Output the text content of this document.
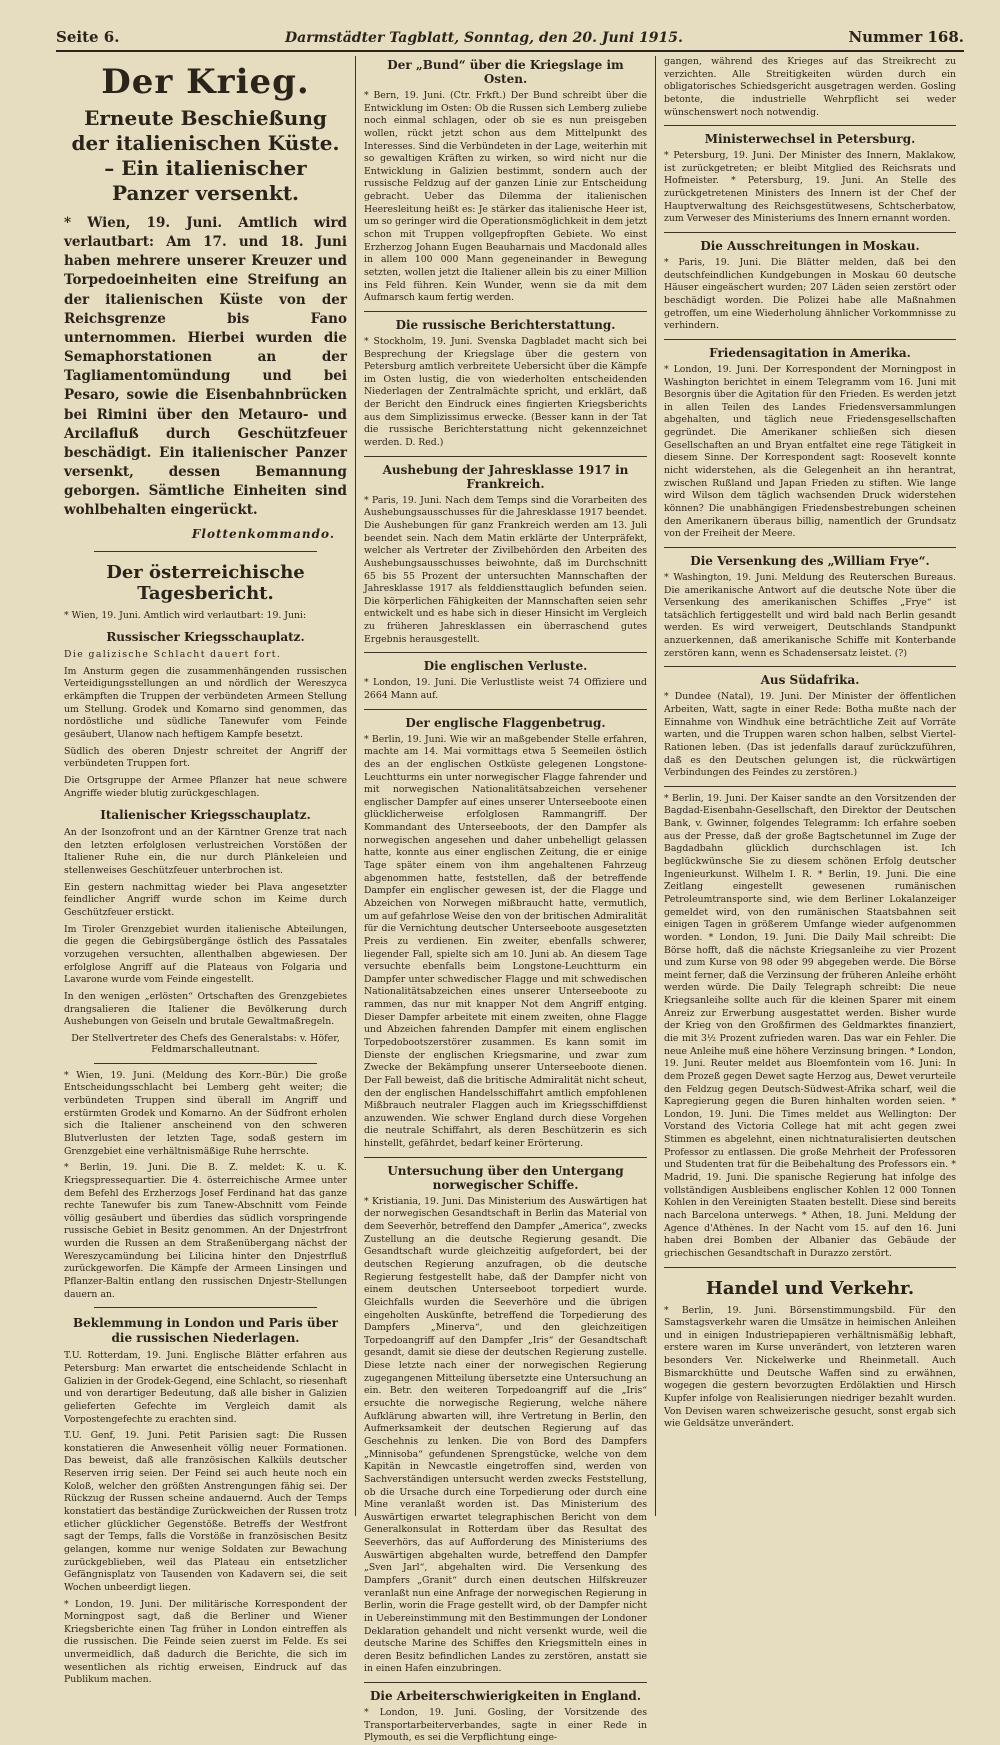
Seite 6.	Darmstädter Tagblatt, Sonntag, den 20. Juni 1915.	Nummer 168.
Der Krieg.
Erneute Beschießung der italienischen Küste. – Ein italienischer Panzer versenkt.

* Wien, 19. Juni. Amtlich wird verlautbart: Am 17. und 18. Juni haben mehrere unserer Kreuzer und Torpedoeinheiten eine Streifung an der italienischen Küste von der Reichsgrenze bis Fano unternommen. Hierbei wurden die Semaphorstationen an der Tagliamentomündung und bei Pesaro, sowie die Eisenbahnbrücken bei Rimini über den Metauro- und Arcilafluß durch Geschützfeuer beschädigt. Ein italienischer Panzer versenkt, dessen Bemannung geborgen. Sämtliche Einheiten sind wohlbehalten eingerückt.

Flottenkommando.
Der österreichische Tagesbericht.

* Wien, 19. Juni. Amtlich wird verlautbart: 19. Juni:

Russischer Kriegsschauplatz.

Die galizische Schlacht dauert fort.

Im Ansturm gegen die zusammenhängenden russischen Verteidigungsstellungen an und nördlich der Wereszyca erkämpften die Truppen der verbündeten Armeen Stellung um Stellung. Grodek und Komarno sind genommen, das nordöstliche und südliche Tanewufer vom Feinde gesäubert, Ulanow nach heftigem Kampfe besetzt.

Südlich des oberen Dnjestr schreitet der Angriff der verbündeten Truppen fort.

Die Ortsgruppe der Armee Pflanzer hat neue schwere Angriffe wieder blutig zurückgeschlagen.

Italienischer Kriegsschauplatz.

An der Isonzofront und an der Kärntner Grenze trat nach den letzten erfolglosen verlustreichen Vorstößen der Italiener Ruhe ein, die nur durch Plänkeleien und stellenweises Geschützfeuer unterbrochen ist.

Ein gestern nachmittag wieder bei Plava angesetzter feindlicher Angriff wurde schon im Keime durch Geschützfeuer erstickt.

Im Tiroler Grenzgebiet wurden italienische Abteilungen, die gegen die Gebirgsübergänge östlich des Passatales vorzugehen versuchten, allenthalben abgewiesen. Der erfolglose Angriff auf die Plateaus von Folgaria und Lavarone wurde vom Feinde eingestellt.

In den wenigen „erlösten“ Ortschaften des Grenzgebietes drangsalieren die Italiener die Bevölkerung durch Aushebungen von Geiseln und brutale Gewaltmaßregeln.

Der Stellvertreter des Chefs des Generalstabs: v. Höfer, Feldmarschalleutnant.

* Wien, 19. Juni. (Meldung des Korr.-Bür.) Die große Entscheidungsschlacht bei Lemberg geht weiter; die verbündeten Truppen sind überall im Angriff und erstürmten Grodek und Komarno. An der Südfront erholen sich die Italiener anscheinend von den schweren Blutverlusten der letzten Tage, sodaß gestern im Grenzgebiet eine verhältnismäßige Ruhe herrschte.

* Berlin, 19. Juni. Die B. Z. meldet: K. u. K. Kriegspressequartier. Die 4. österreichische Armee unter dem Befehl des Erzherzogs Josef Ferdinand hat das ganze rechte Tanewufer bis zum Tanew-Abschnitt vom Feinde völlig gesäubert und überdies das südlich vorspringende russische Gebiet in Besitz genommen. An der Dnjestrfront wurden die Russen an dem Straßenübergang nächst der Wereszycamündung bei Lilicina hinter den Dnjestrfluß zurückgeworfen. Die Kämpfe der Armeen Linsingen und Pflanzer-Baltin entlang den russischen Dnjestr-Stellungen dauern an.

Beklemmung in London und Paris über die russischen Niederlagen.

T.U. Rotterdam, 19. Juni. Englische Blätter erfahren aus Petersburg: Man erwartet die entscheidende Schlacht in Galizien in der Grodek-Gegend, eine Schlacht, so riesenhaft und von derartiger Bedeutung, daß alle bisher in Galizien gelieferten Gefechte im Vergleich damit als Vorpostengefechte zu erachten sind.

T.U. Genf, 19. Juni. Petit Parisien sagt: Die Russen konstatieren die Anwesenheit völlig neuer Formationen. Das beweist, daß alle französischen Kalküls deutscher Reserven irrig seien. Der Feind sei auch heute noch ein Koloß, welcher den größten Anstrengungen fähig sei. Der Rückzug der Russen scheine andauernd. Auch der Temps konstatiert das beständige Zurückweichen der Russen trotz etlicher glücklicher Gegenstöße. Betreffs der Westfront sagt der Temps, falls die Vorstöße in französischen Besitz gelangen, komme nur wenige Soldaten zur Bewachung zurückgeblieben, weil das Plateau ein entsetzlicher Gefängnisplatz von Tausenden von Kadavern sei, die seit Wochen unbeerdigt liegen.

* London, 19. Juni. Der militärische Korrespondent der Morningpost sagt, daß die Berliner und Wiener Kriegsberichte einen Tag früher in London eintreffen als die russischen. Die Feinde seien zuerst im Felde. Es sei unvermeidlich, daß dadurch die Berichte, die sich im wesentlichen als richtig erweisen, Eindruck auf das Publikum machen.

Der „Bund“ über die Kriegslage im Osten.

* Bern, 19. Juni. (Ctr. Frkft.) Der Bund schreibt über die Entwicklung im Osten: Ob die Russen sich Lemberg zuliebe noch einmal schlagen, oder ob sie es nun preisgeben wollen, rückt jetzt schon aus dem Mittelpunkt des Interesses. Sind die Verbündeten in der Lage, weiterhin mit so gewaltigen Kräften zu wirken, so wird nicht nur die Entwicklung in Galizien bestimmt, sondern auch der russische Feldzug auf der ganzen Linie zur Entscheidung gebracht. Ueber das Dilemma der italienischen Heeresleitung heißt es: Je stärker das italienische Heer ist, um so geringer wird die Operationsmöglichkeit in dem jetzt schon mit Truppen vollgepfropften Gebiete. Wo einst Erzherzog Johann Eugen Beauharnais und Macdonald alles in allem 100 000 Mann gegeneinander in Bewegung setzten, wollen jetzt die Italiener allein bis zu einer Million ins Feld führen. Kein Wunder, wenn sie da mit dem Aufmarsch kaum fertig werden.

Die russische Berichterstattung.

* Stockholm, 19. Juni. Svenska Dagbladet macht sich bei Besprechung der Kriegslage über die gestern von Petersburg amtlich verbreitete Uebersicht über die Kämpfe im Osten lustig, die von wiederholten entscheidenden Niederlagen der Zentralmächte spricht, und erklärt, daß der Bericht den Eindruck eines fingierten Kriegsberichts aus dem Simplizissimus erwecke. (Besser kann in der Tat die russische Berichterstattung nicht gekennzeichnet werden. D. Red.)

Aushebung der Jahresklasse 1917 in Frankreich.

* Paris, 19. Juni. Nach dem Temps sind die Vorarbeiten des Aushebungsausschusses für die Jahresklasse 1917 beendet. Die Aushebungen für ganz Frankreich werden am 13. Juli beendet sein. Nach dem Matin erklärte der Unterpräfekt, welcher als Vertreter der Zivilbehörden den Arbeiten des Aushebungsausschusses beiwohnte, daß im Durchschnitt 65 bis 55 Prozent der untersuchten Mannschaften der Jahresklasse 1917 als felddiensttauglich befunden seien. Die körperlichen Fähigkeiten der Mannschaften seien sehr entwickelt und es habe sich in dieser Hinsicht im Vergleich zu früheren Jahresklassen ein überraschend gutes Ergebnis herausgestellt.

Die englischen Verluste.

* London, 19. Juni. Die Verlustliste weist 74 Offiziere und 2664 Mann auf.

Der englische Flaggenbetrug.

* Berlin, 19. Juni. Wie wir an maßgebender Stelle erfahren, machte am 14. Mai vormittags etwa 5 Seemeilen östlich des an der englischen Ostküste gelegenen Longstone-Leuchtturms ein unter norwegischer Flagge fahrender und mit norwegischen Nationalitätsabzeichen versehener englischer Dampfer auf eines unserer Unterseeboote einen glücklicherweise erfolglosen Rammangriff. Der Kommandant des Unterseeboots, der den Dampfer als norwegischen angesehen und daher unbehelligt gelassen hatte, konnte aus einer englischen Zeitung, die er einige Tage später einem von ihm angehaltenen Fahrzeug abgenommen hatte, feststellen, daß der betreffende Dampfer ein englischer gewesen ist, der die Flagge und Abzeichen von Norwegen mißbraucht hatte, vermutlich, um auf gefahrlose Weise den von der britischen Admiralität für die Vernichtung deutscher Unterseeboote ausgesetzten Preis zu verdienen. Ein zweiter, ebenfalls schwerer, liegender Fall, spielte sich am 10. Juni ab. An diesem Tage versuchte ebenfalls beim Longstone-Leuchtturm ein Dampfer unter schwedischer Flagge und mit schwedischen Nationalitätsabzeichen eines unserer Unterseeboote zu rammen, das nur mit knapper Not dem Angriff entging. Dieser Dampfer arbeitete mit einem zweiten, ohne Flagge und Abzeichen fahrenden Dampfer mit einem englischen Torpedobootszerstörer zusammen. Es kann somit im Dienste der englischen Kriegsmarine, und zwar zum Zwecke der Bekämpfung unserer Unterseeboote dienen. Der Fall beweist, daß die britische Admiralität nicht scheut, den der englischen Handelsschiffahrt amtlich empfohlenen Mißbrauch neutraler Flaggen auch im Kriegsschiffdienst anzuwenden. Wie schwer England durch diese Vorgehen die neutrale Schiffahrt, als deren Beschützerin es sich hinstellt, gefährdet, bedarf keiner Erörterung.

Untersuchung über den Untergang norwegischer Schiffe.

* Kristiania, 19. Juni. Das Ministerium des Auswärtigen hat der norwegischen Gesandtschaft in Berlin das Material von dem Seeverhör, betreffend den Dampfer „America“, zwecks Zustellung an die deutsche Regierung gesandt. Die Gesandtschaft wurde gleichzeitig aufgefordert, bei der deutschen Regierung anzufragen, ob die deutsche Regierung festgestellt habe, daß der Dampfer nicht von einem deutschen Unterseeboot torpediert wurde. Gleichfalls wurden die Seeverhöre und die übrigen eingeholten Auskünfte, betreffend die Torpedierung des Dampfers „Minerva“, und den gleichzeitigen Torpedoangriff auf den Dampfer „Iris“ der Gesandtschaft gesandt, damit sie diese der deutschen Regierung zustelle. Diese letzte nach einer der norwegischen Regierung zugegangenen Mitteilung übersetzte eine Untersuchung an ein. Betr. den weiteren Torpedoangriff auf die „Iris“ ersuchte die norwegische Regierung, welche nähere Aufklärung abwarten will, ihre Vertretung in Berlin, den Aufmerksamkeit der deutschen Regierung auf das Geschehnis zu lenken. Die von Bord des Dampfers „Minnisoba“ gefundenen Sprengstücke, welche von dem Kapitän in Newcastle eingetroffen sind, werden von Sachverständigen untersucht werden zwecks Feststellung, ob die Ursache durch eine Torpedierung oder durch eine Mine veranlaßt worden ist. Das Ministerium des Auswärtigen erwartet telegraphischen Bericht von dem Generalkonsulat in Rotterdam über das Resultat des Seeverhörs, das auf Aufforderung des Ministeriums des Auswärtigen abgehalten wurde, betreffend den Dampfer „Sven Jarl“, abgehalten wird. Die Versenkung des Dampfers „Granit“ durch einen deutschen Hilfskreuzer veranlaßt nun eine Anfrage der norwegischen Regierung in Berlin, worin die Frage gestellt wird, ob der Dampfer nicht in Uebereinstimmung mit den Bestimmungen der Londoner Deklaration gehandelt und nicht versenkt wurde, weil die deutsche Marine des Schiffes den Kriegsmitteln eines in deren Besitz befindlichen Landes zu zerstören, anstatt sie in einen Hafen einzubringen.

Die Arbeiterschwierigkeiten in England.

* London, 19. Juni. Gosling, der Vorsitzende des Transportarbeiterverbandes, sagte in einer Rede in Plymouth, es sei die Verpflichtung einge-

gangen, während des Krieges auf das Streikrecht zu verzichten. Alle Streitigkeiten würden durch ein obligatorisches Schiedsgericht ausgetragen werden. Gosling betonte, die industrielle Wehrpflicht sei weder wünschenswert noch notwendig.

Ministerwechsel in Petersburg.

* Petersburg, 19. Juni. Der Minister des Innern, Maklakow, ist zurückgetreten; er bleibt Mitglied des Reichsrats und Hofmeister. * Petersburg, 19. Juni. An Stelle des zurückgetretenen Ministers des Innern ist der Chef der Hauptverwaltung des Reichsgestütwesens, Schtscherbatow, zum Verweser des Ministeriums des Innern ernannt worden.

Die Ausschreitungen in Moskau.

* Paris, 19. Juni. Die Blätter melden, daß bei den deutschfeindlichen Kundgebungen in Moskau 60 deutsche Häuser eingeäschert wurden; 207 Läden seien zerstört oder beschädigt worden. Die Polizei habe alle Maßnahmen getroffen, um eine Wiederholung ähnlicher Vorkommnisse zu verhindern.

Friedensagitation in Amerika.

* London, 19. Juni. Der Korrespondent der Morningpost in Washington berichtet in einem Telegramm vom 16. Juni mit Besorgnis über die Agitation für den Frieden. Es werden jetzt in allen Teilen des Landes Friedensversammlungen abgehalten, und täglich neue Friedensgesellschaften gegründet. Die Amerikaner schließen sich diesen Gesellschaften an und Bryan entfaltet eine rege Tätigkeit in diesem Sinne. Der Korrespondent sagt: Roosevelt konnte nicht widerstehen, als die Gelegenheit an ihn herantrat, zwischen Rußland und Japan Frieden zu stiften. Wie lange wird Wilson dem täglich wachsenden Druck widerstehen können? Die unabhängigen Friedensbestrebungen scheinen den Amerikanern überaus billig, namentlich der Grundsatz von der Freiheit der Meere.

Die Versenkung des „William Frye“.

* Washington, 19. Juni. Meldung des Reuterschen Bureaus. Die amerikanische Antwort auf die deutsche Note über die Versenkung des amerikanischen Schiffes „Frye“ ist tatsächlich fertiggestellt und wird bald nach Berlin gesandt werden. Es wird verweigert, Deutschlands Standpunkt anzuerkennen, daß amerikanische Schiffe mit Konterbande zerstören kann, wenn es Schadensersatz leistet. (?)

Aus Südafrika.

* Dundee (Natal), 19. Juni. Der Minister der öffentlichen Arbeiten, Watt, sagte in einer Rede: Botha mußte nach der Einnahme von Windhuk eine beträchtliche Zeit auf Vorräte warten, und die Truppen waren schon halben, selbst Viertel-Rationen leben. (Das ist jedenfalls darauf zurückzuführen, daß es den Deutschen gelungen ist, die rückwärtigen Verbindungen des Feindes zu zerstören.)

* Berlin, 19. Juni. Der Kaiser sandte an den Vorsitzenden der Bagdad-Eisenbahn-Gesellschaft, den Direktor der Deutschen Bank, v. Gwinner, folgendes Telegramm: Ich erfahre soeben aus der Presse, daß der große Bagtschetunnel im Zuge der Bagdadbahn glücklich durchschlagen ist. Ich beglückwünsche Sie zu diesem schönen Erfolg deutscher Ingenieurkunst. Wilhelm I. R. * Berlin, 19. Juni. Die eine Zeitlang eingestellt gewesenen rumänischen Petroleumtransporte sind, wie dem Berliner Lokalanzeiger gemeldet wird, von den rumänischen Staatsbahnen seit einigen Tagen in größerem Umfange wieder aufgenommen worden. * London, 19. Juni. Die Daily Mail schreibt: Die Börse hofft, daß die nächste Kriegsanleihe zu vier Prozent und zum Kurse von 98 oder 99 abgegeben werde. Die Börse meint ferner, daß die Verzinsung der früheren Anleihe erhöht werden würde. Die Daily Telegraph schreibt: Die neue Kriegsanleihe sollte auch für die kleinen Sparer mit einem Anreiz zur Erwerbung ausgestattet werden. Bisher wurde der Krieg von den Großfirmen des Geldmarktes finanziert, die mit 3½ Prozent zufrieden waren. Das war ein Fehler. Die neue Anleihe muß eine höhere Verzinsung bringen. * London, 19. Juni. Reuter meldet aus Bloemfontein vom 16. Juni: In dem Prozeß gegen Dewet sagte Herzog aus, Dewet verurteile den Feldzug gegen Deutsch-Südwest-Afrika scharf, weil die Kapregierung gegen die Buren hinhalten worden seien. * London, 19. Juni. Die Times meldet aus Wellington: Der Vorstand des Victoria College hat mit acht gegen zwei Stimmen es abgelehnt, einen nichtnaturalisierten deutschen Professor zu entlassen. Die große Mehrheit der Professoren und Studenten trat für die Beibehaltung des Professors ein. * Madrid, 19. Juni. Die spanische Regierung hat infolge des vollständigen Ausbleibens englischer Kohlen 12 000 Tonnen Kohlen in den Vereinigten Staaten bestellt. Diese sind bereits nach Barcelona unterwegs. * Athen, 18. Juni. Meldung der Agence d'Athènes. In der Nacht vom 15. auf den 16. Juni haben drei Bomben der Albanier das Gebäude der griechischen Gesandtschaft in Durazzo zerstört.

Handel und Verkehr.

* Berlin, 19. Juni. Börsenstimmungsbild. Für den Samstagsverkehr waren die Umsätze in heimischen Anleihen und in einigen Industriepapieren verhältnismäßig lebhaft, erstere waren im Kurse unverändert, von letzteren waren besonders Ver. Nickelwerke und Rheinmetall. Auch Bismarckhütte und Deutsche Waffen sind zu erwähnen, wogegen die gestern bevorzugten Erdölaktien und Hirsch Kupfer infolge von Realisierungen niedriger bezahlt wurden. Von Devisen waren schweizerische gesucht, sonst ergab sich wie Geldsätze unverändert.
